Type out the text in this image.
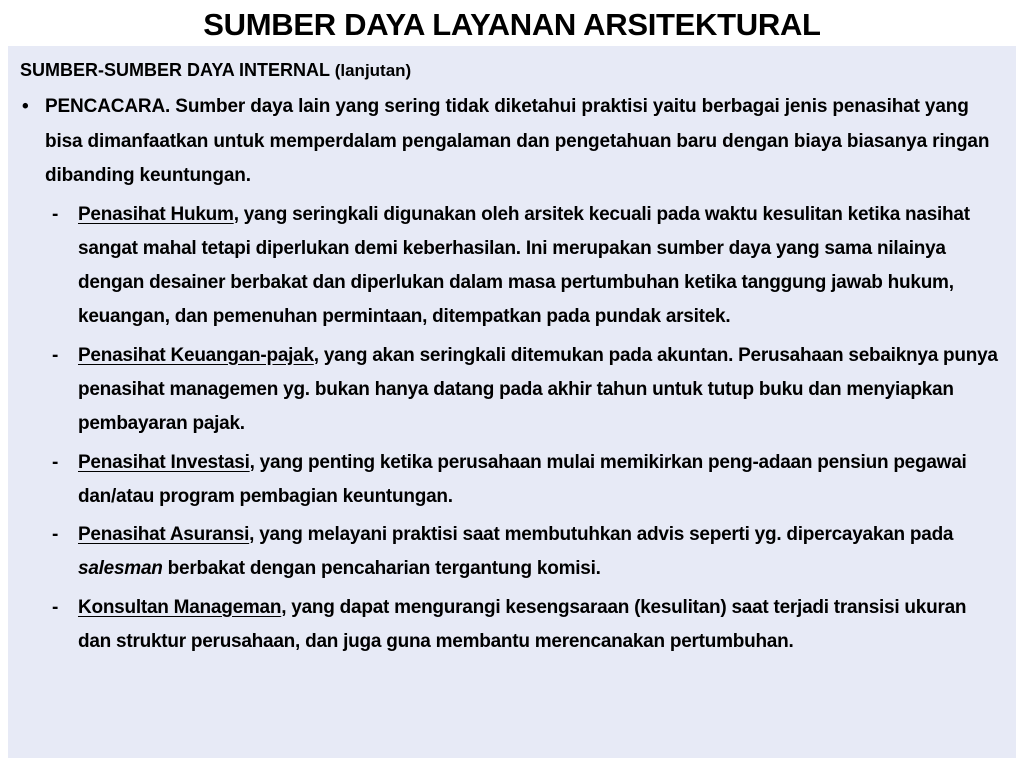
SUMBER DAYA LAYANAN ARSITEKTURAL
SUMBER-SUMBER DAYA INTERNAL (lanjutan)
• PENCACARA. Sumber daya lain yang sering tidak diketahui praktisi yaitu berbagai jenis penasihat yang bisa dimanfaatkan untuk memperdalam pengalaman dan pengetahuan baru dengan biaya biasanya ringan dibanding keuntungan.
- Penasihat Hukum, yang seringkali digunakan oleh arsitek kecuali pada waktu kesulitan ketika nasihat sangat mahal tetapi diperlukan demi keberhasilan. Ini merupakan sumber daya yang sama nilainya dengan desainer berbakat dan diperlukan dalam masa pertumbuhan ketika tanggung jawab hukum, keuangan, dan pemenuhan permintaan, ditempatkan pada pundak arsitek.
- Penasihat Keuangan-pajak, yang akan seringkali ditemukan pada akuntan. Perusahaan sebaiknya punya penasihat managemen yg. bukan hanya datang pada akhir tahun untuk tutup buku dan menyiapkan pembayaran pajak.
- Penasihat Investasi, yang penting ketika perusahaan mulai memikirkan peng-adaan pensiun pegawai dan/atau program pembagian keuntungan.
- Penasihat Asuransi, yang melayani praktisi saat membutuhkan advis seperti yg. dipercayakan pada salesman berbakat dengan pencaharian tergantung komisi.
- Konsultan Manageman, yang dapat mengurangi kesengsaraan (kesulitan) saat terjadi transisi ukuran dan struktur perusahaan, dan juga guna membantu merencanakan pertumbuhan.
